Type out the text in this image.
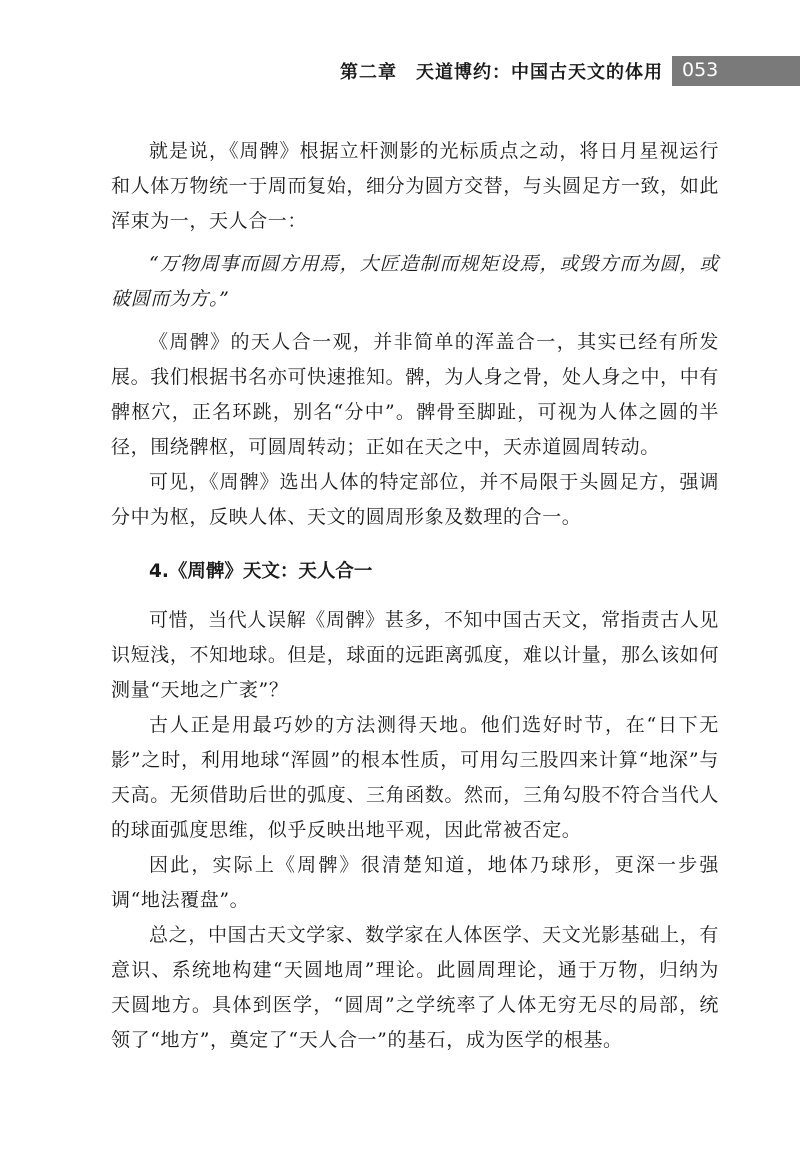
第二章　天道博约：中国古天文的体用 053

就是说，《周髀》根据立杆测影的光标质点之动，将日月星视运行和人体万物统一于周而复始，细分为圆方交替，与头圆足方一致，如此浑束为一，天人合一：

“万物周事而圆方用焉，大匠造制而规矩设焉，或毁方而为圆，或破圆而为方。”

《周髀》的天人合一观，并非简单的浑盖合一，其实已经有所发展。我们根据书名亦可快速推知。髀，为人身之骨，处人身之中，中有髀枢穴，正名环跳，别名“分中”。髀骨至脚趾，可视为人体之圆的半径，围绕髀枢，可圆周转动；正如在天之中，天赤道圆周转动。

可见，《周髀》选出人体的特定部位，并不局限于头圆足方，强调分中为枢，反映人体、天文的圆周形象及数理的合一。

4.《周髀》天文：天人合一

可惜，当代人误解《周髀》甚多，不知中国古天文，常指责古人见识短浅，不知地球。但是，球面的远距离弧度，难以计量，那么该如何测量“天地之广袤”？

古人正是用最巧妙的方法测得天地。他们选好时节，在“日下无影”之时，利用地球“浑圆”的根本性质，可用勾三股四来计算“地深”与天高。无须借助后世的弧度、三角函数。然而，三角勾股不符合当代人的球面弧度思维，似乎反映出地平观，因此常被否定。

因此，实际上《周髀》很清楚知道，地体乃球形，更深一步强调“地法覆盘”。

总之，中国古天文学家、数学家在人体医学、天文光影基础上，有意识、系统地构建“天圆地周”理论。此圆周理论，通于万物，归纳为天圆地方。具体到医学，“圆周”之学统率了人体无穷无尽的局部，统领了“地方”，奠定了“天人合一”的基石，成为医学的根基。
